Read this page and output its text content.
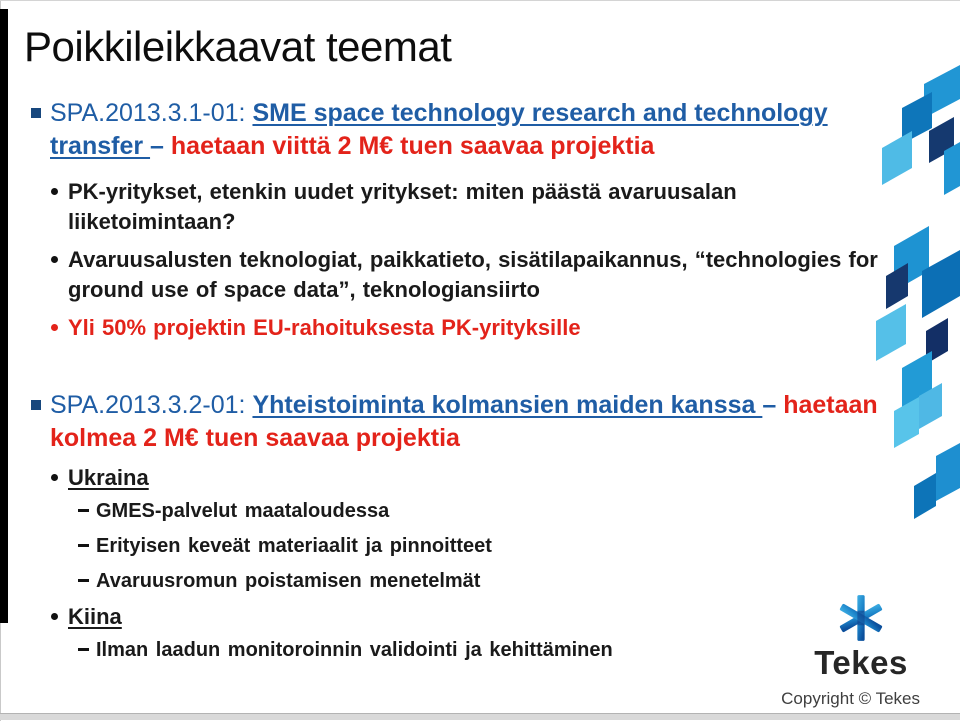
Poikkileikkaavat teemat
SPA.2013.3.1-01: SME space technology research and technology transfer – haetaan viittä 2 M€ tuen saavaa projektia
PK-yritykset, etenkin uudet yritykset: miten päästä avaruusalan liiketoimintaan?
Avaruusalusten teknologiat, paikkatieto, sisätilapaikannus, “technologies for ground use of space data”, teknologiansiirto
Yli 50% projektin EU-rahoituksesta PK-yrityksille
SPA.2013.3.2-01: Yhteistoiminta kolmansien maiden kanssa – haetaan kolmea 2 M€ tuen saavaa projektia
Ukraina
GMES-palvelut maataloudessa
Erityisen keveät materiaalit ja pinnoitteet
Avaruusromun poistamisen menetelmät
Kiina
Ilman laadun monitoroinnin validointi ja kehittäminen	Tekes
Copyright © Tekes
